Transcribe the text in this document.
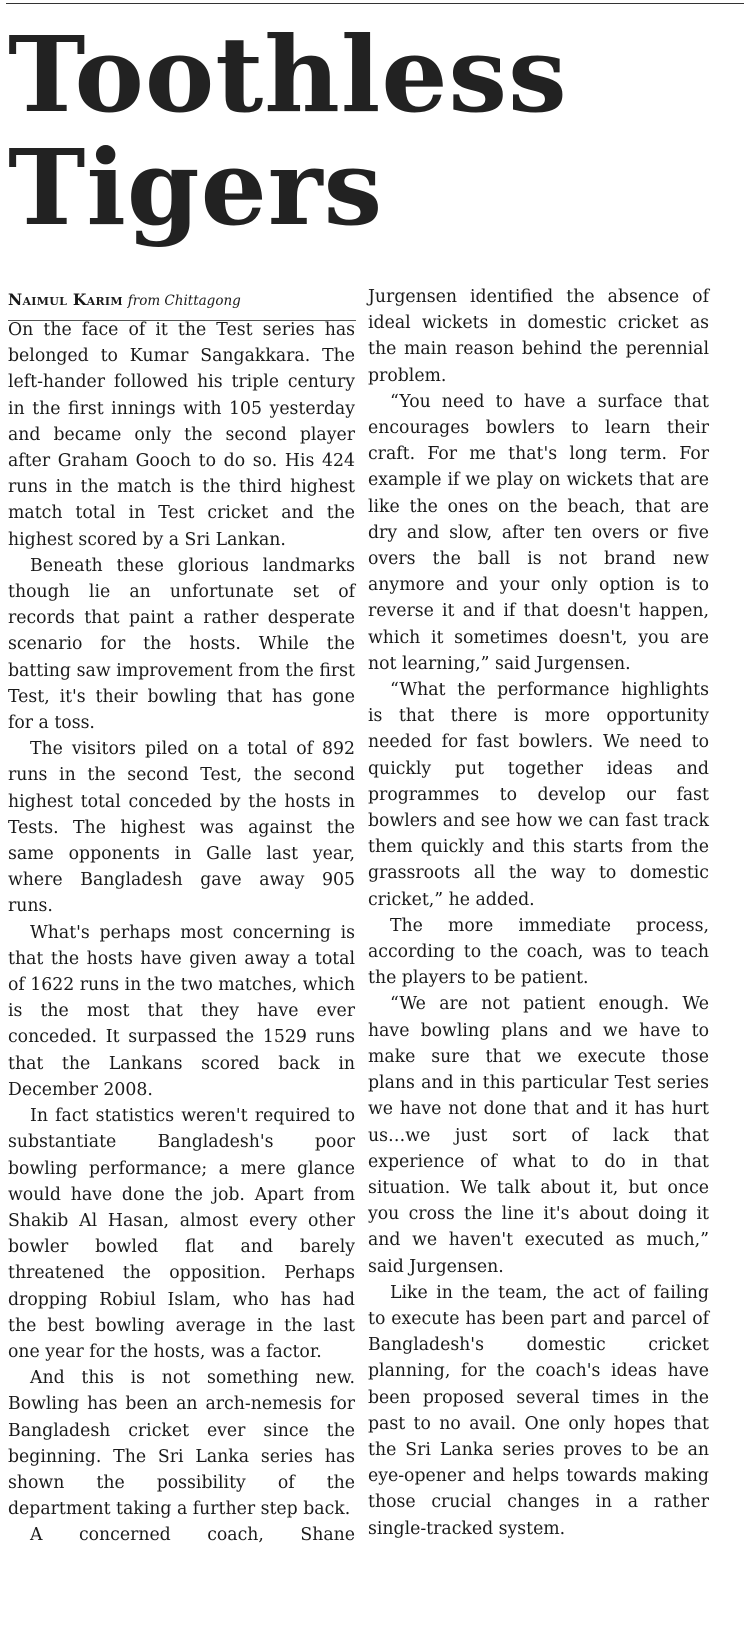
Toothless Tigers
Naimul Karim from Chittagong

On the face of it the Test series has belonged to Kumar Sangakkara. The left-hander followed his triple century in the first innings with 105 yesterday and became only the second player after Graham Gooch to do so. His 424 runs in the match is the third highest match total in Test cricket and the highest scored by a Sri Lankan.

Beneath these glorious landmarks though lie an unfortunate set of records that paint a rather desperate scenario for the hosts. While the batting saw improvement from the first Test, it's their bowling that has gone for a toss.

The visitors piled on a total of 892 runs in the second Test, the second highest total conceded by the hosts in Tests. The highest was against the same opponents in Galle last year, where Bangladesh gave away 905 runs.

What's perhaps most concerning is that the hosts have given away a total of 1622 runs in the two matches, which is the most that they have ever conceded. It surpassed the 1529 runs that the Lankans scored back in December 2008.

In fact statistics weren't required to substantiate Bangladesh's poor bowling performance; a mere glance would have done the job. Apart from Shakib Al Hasan, almost every other bowler bowled flat and barely threatened the opposition. Perhaps dropping Robiul Islam, who has had the best bowling average in the last one year for the hosts, was a factor.

And this is not something new. Bowling has been an arch-nemesis for Bangladesh cricket ever since the beginning. The Sri Lanka series has shown the possibility of the department taking a further step back.

A concerned coach, Shane

Jurgensen identified the absence of ideal wickets in domestic cricket as the main reason behind the perennial problem.

“You need to have a surface that encourages bowlers to learn their craft. For me that's long term. For example if we play on wickets that are like the ones on the beach, that are dry and slow, after ten overs or five overs the ball is not brand new anymore and your only option is to reverse it and if that doesn't happen, which it sometimes doesn't, you are not learning,” said Jurgensen.

“What the performance highlights is that there is more opportunity needed for fast bowlers. We need to quickly put together ideas and programmes to develop our fast bowlers and see how we can fast track them quickly and this starts from the grassroots all the way to domestic cricket,” he added.

The more immediate process, according to the coach, was to teach the players to be patient.

“We are not patient enough. We have bowling plans and we have to make sure that we execute those plans and in this particular Test series we have not done that and it has hurt us…we just sort of lack that experience of what to do in that situation. We talk about it, but once you cross the line it's about doing it and we haven't executed as much,” said Jurgensen.

Like in the team, the act of failing to execute has been part and parcel of Bangladesh's domestic cricket planning, for the coach's ideas have been proposed several times in the past to no avail. One only hopes that the Sri Lanka series proves to be an eye-opener and helps towards making those crucial changes in a rather single-tracked system.
